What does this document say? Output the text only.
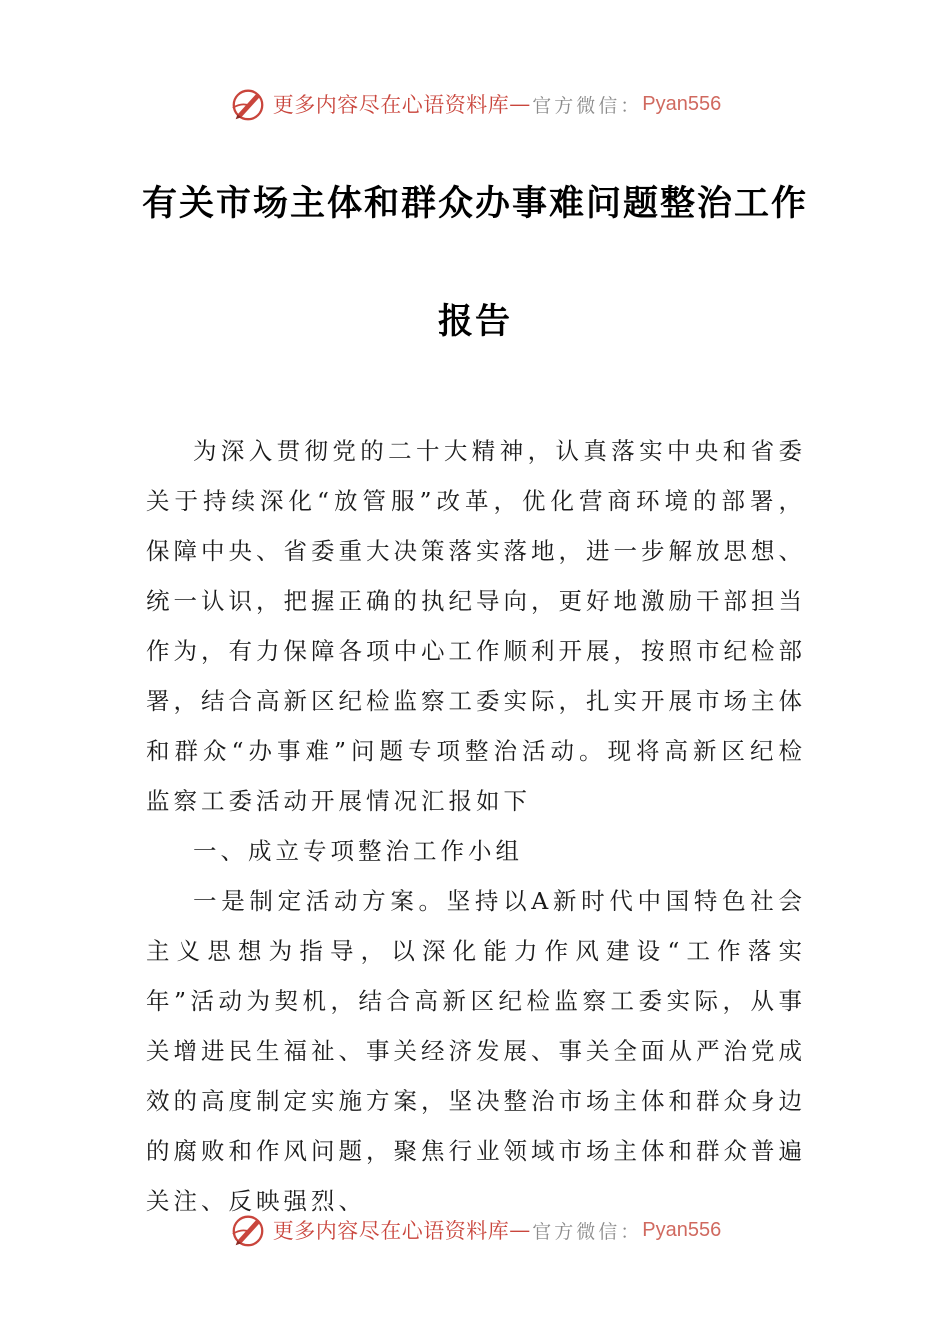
更多内容尽在心语资料库 — 官方微信： Pyan556
有关市场主体和群众办事难问题整治工作
报告

为深入贯彻党的二十大精神，认真落实中央和省委关于持续深化“放管服”改革，优化营商环境的部署，保障中央、省委重大决策落实落地，进一步解放思想、统一认识，把握正确的执纪导向，更好地激励干部担当作为，有力保障各项中心工作顺利开展，按照市纪检部署，结合高新区纪检监察工委实际，扎实开展市场主体和群众“办事难”问题专项整治活动。现将高新区纪检监察工委活动开展情况汇报如下

一、成立专项整治工作小组

一是制定活动方案。坚持以A新时代中国特色社会主义思想为指导，以深化能力作风建设“工作落实年”活动为契机，结合高新区纪检监察工委实际，从事关增进民生福祉、事关经济发展、事关全面从严治党成效的高度制定实施方案，坚决整治市场主体和群众身边的腐败和作风问题，聚焦行业领域市场主体和群众普遍关注、反映强烈、

更多内容尽在心语资料库 — 官方微信： Pyan556
